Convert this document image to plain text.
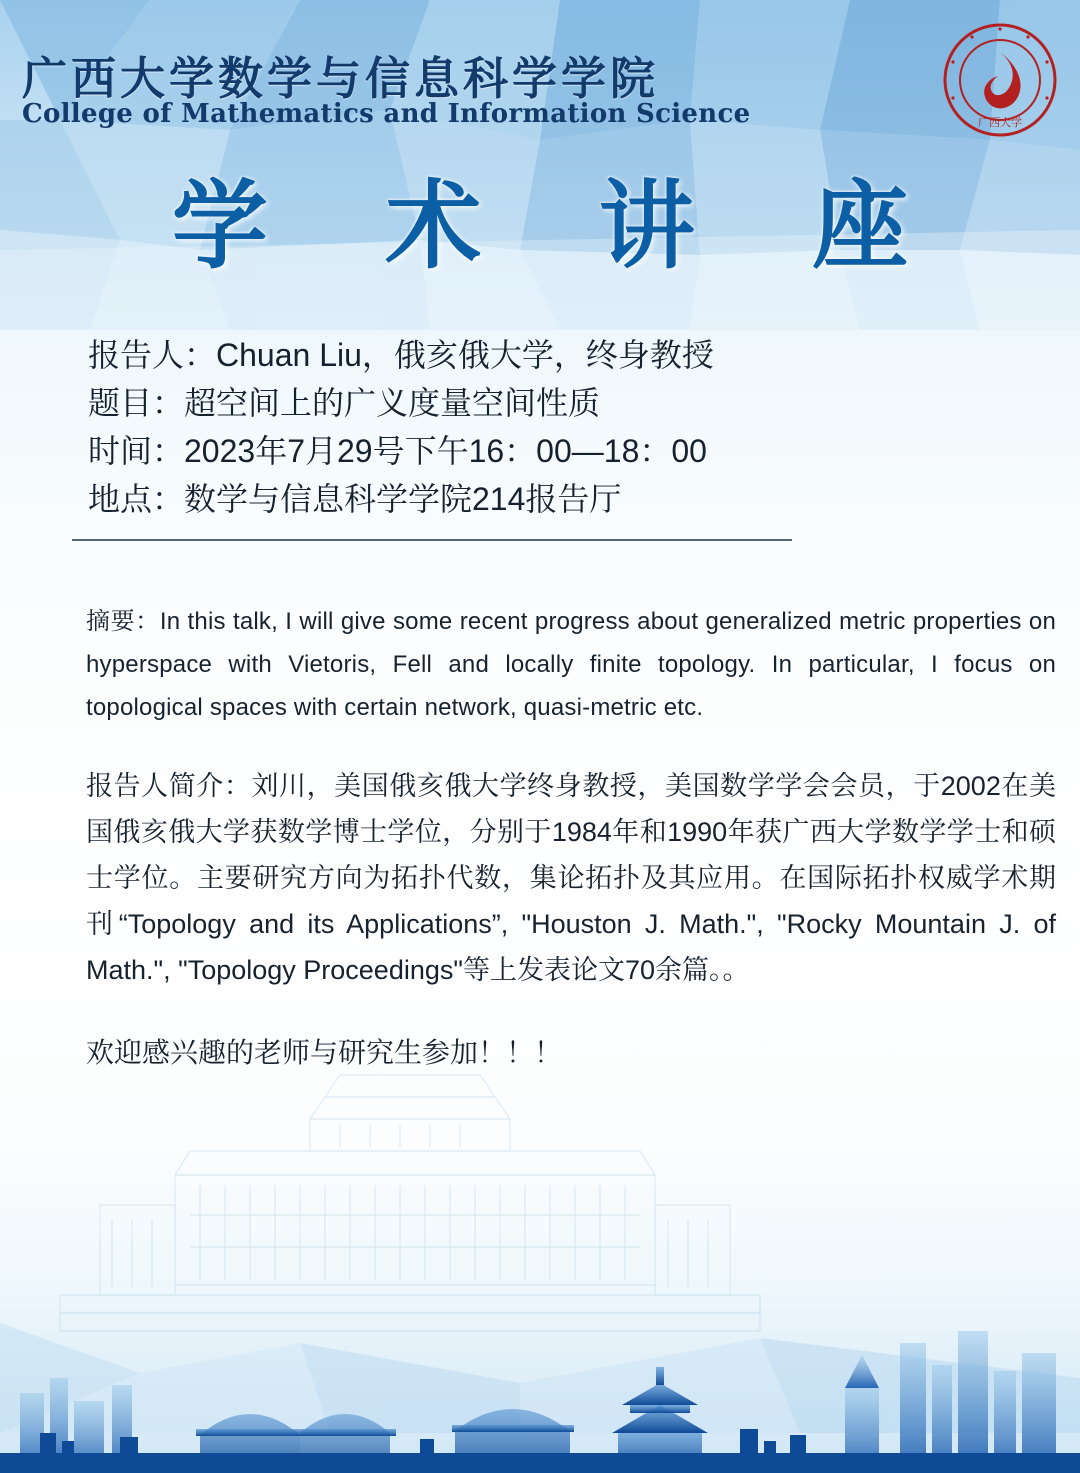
广西大学数学与信息科学学院
College of Mathematics and Information Science	广西大学
学 术 讲 座
报告人：Chuan Liu，俄亥俄大学，终身教授
题目：超空间上的广义度量空间性质
时间：2023年7月29号下午16：00—18：00
地点：数学与信息科学学院214报告厅

摘要：In this talk, I will give some recent progress about generalized metric properties on hyperspace with Vietoris, Fell and locally finite topology. In particular, I focus on topological spaces with certain network, quasi-metric etc.

报告人简介：刘川，美国俄亥俄大学终身教授，美国数学学会会员，于2002在美国俄亥俄大学获数学博士学位，分别于1984年和1990年获广西大学数学学士和硕士学位。主要研究方向为拓扑代数，集论拓扑及其应用。在国际拓扑权威学术期刊“Topology and its Applications”, "Houston J. Math.", "Rocky Mountain J. of Math.", "Topology Proceedings"等上发表论文70余篇。。

欢迎感兴趣的老师与研究生参加！！！
